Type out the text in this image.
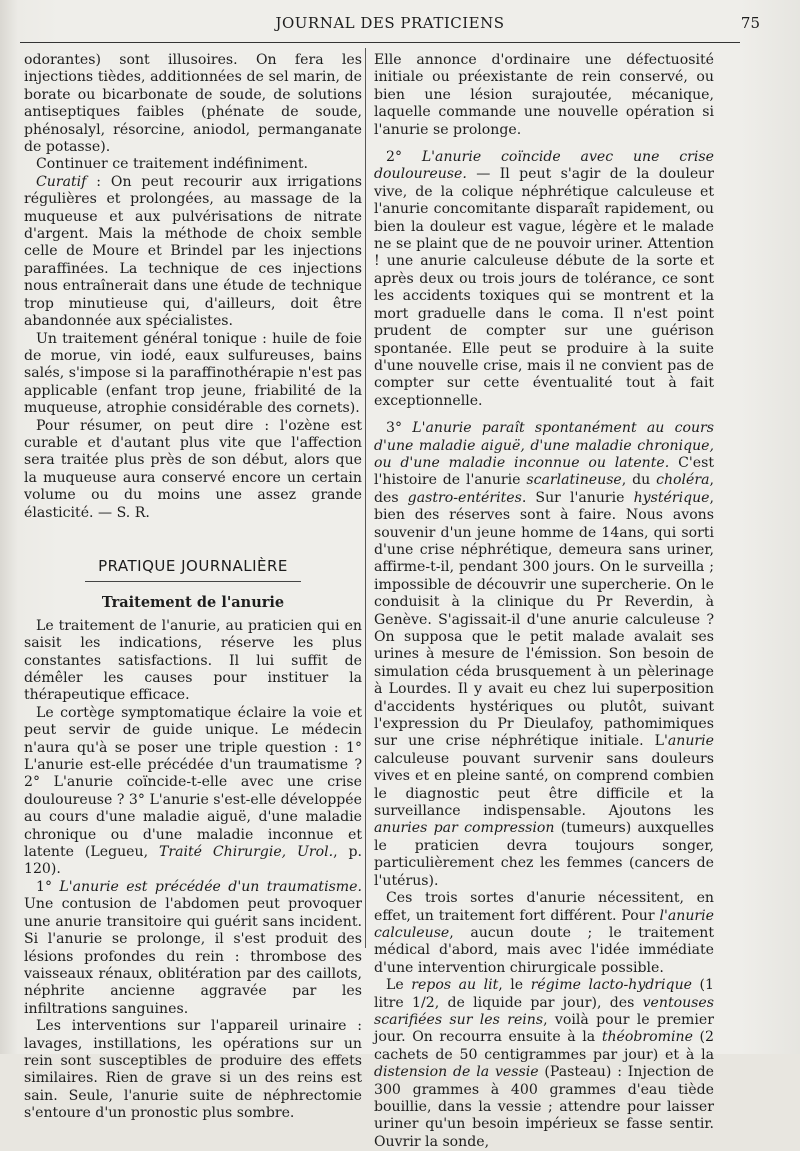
JOURNAL DES PRATICIENS	75

odorantes) sont illusoires. On fera les injections tièdes, additionnées de sel marin, de borate ou bicarbonate de soude, de solutions antiseptiques faibles (phénate de soude, phénosalyl, résorcine, aniodol, permanganate de potasse).

Continuer ce traitement indéfiniment.

Curatif : On peut recourir aux irrigations régulières et prolongées, au massage de la muqueuse et aux pulvérisations de nitrate d'argent. Mais la méthode de choix semble celle de Moure et Brindel par les injections paraffinées. La technique de ces injections nous entraînerait dans une étude de technique trop minutieuse qui, d'ailleurs, doit être abandonnée aux spécialistes.

Un traitement général tonique : huile de foie de morue, vin iodé, eaux sulfureuses, bains salés, s'impose si la paraffinothérapie n'est pas applicable (enfant trop jeune, friabilité de la muqueuse, atrophie considérable des cornets).

Pour résumer, on peut dire : l'ozène est curable et d'autant plus vite que l'affection sera traitée plus près de son début, alors que la muqueuse aura conservé encore un certain volume ou du moins une assez grande élasticité. — S. R.

PRATIQUE JOURNALIÈRE
Traitement de l'anurie

Le traitement de l'anurie, au praticien qui en saisit les indications, réserve les plus constantes satisfactions. Il lui suffit de démêler les causes pour instituer la thérapeutique efficace.

Le cortège symptomatique éclaire la voie et peut servir de guide unique. Le médecin n'aura qu'à se poser une triple question : 1° L'anurie est-elle précédée d'un traumatisme ? 2° L'anurie coïncide-t-elle avec une crise douloureuse ? 3° L'anurie s'est-elle développée au cours d'une maladie aiguë, d'une maladie chronique ou d'une maladie inconnue et latente (Legueu, Traité Chirurgie, Urol., p. 120).

1° L'anurie est précédée d'un traumatisme. Une contusion de l'abdomen peut provoquer une anurie transitoire qui guérit sans incident. Si l'anurie se prolonge, il s'est produit des lésions profondes du rein : thrombose des vaisseaux rénaux, oblitération par des caillots, néphrite ancienne aggravée par les infiltrations sanguines.

Les interventions sur l'appareil urinaire : lavages, instillations, les opérations sur un rein sont susceptibles de produire des effets similaires. Rien de grave si un des reins est sain. Seule, l'anurie suite de néphrectomie s'entoure d'un pronostic plus sombre.

Elle annonce d'ordinaire une défectuosité initiale ou préexistante de rein conservé, ou bien une lésion surajoutée, mécanique, laquelle commande une nouvelle opération si l'anurie se prolonge.

2° L'anurie coïncide avec une crise douloureuse. — Il peut s'agir de la douleur vive, de la colique néphrétique calculeuse et l'anurie concomitante disparaît rapidement, ou bien la douleur est vague, légère et le malade ne se plaint que de ne pouvoir uriner. Attention ! une anurie calculeuse débute de la sorte et après deux ou trois jours de tolérance, ce sont les accidents toxiques qui se montrent et la mort graduelle dans le coma. Il n'est point prudent de compter sur une guérison spontanée. Elle peut se produire à la suite d'une nouvelle crise, mais il ne convient pas de compter sur cette éventualité tout à fait exceptionnelle.

3° L'anurie paraît spontanément au cours d'une maladie aiguë, d'une maladie chronique, ou d'une maladie inconnue ou latente. C'est l'histoire de l'anurie scarlatineuse, du choléra, des gastro-entérites. Sur l'anurie hystérique, bien des réserves sont à faire. Nous avons souvenir d'un jeune homme de 14ans, qui sorti d'une crise néphrétique, demeura sans uriner, affirme-t-il, pendant 300 jours. On le surveilla ; impossible de découvrir une supercherie. On le conduisit à la clinique du Pr Reverdin, à Genève. S'agissait-il d'une anurie calculeuse ? On supposa que le petit malade avalait ses urines à mesure de l'émission. Son besoin de simulation céda brusquement à un pèlerinage à Lourdes. Il y avait eu chez lui superposition d'accidents hystériques ou plutôt, suivant l'expression du Pr Dieulafoy, pathomimiques sur une crise néphrétique initiale. L'anurie calculeuse pouvant survenir sans douleurs vives et en pleine santé, on comprend combien le diagnostic peut être difficile et la surveillance indispensable. Ajoutons les anuries par compression (tumeurs) auxquelles le praticien devra toujours songer, particulièrement chez les femmes (cancers de l'utérus).

Ces trois sortes d'anurie nécessitent, en effet, un traitement fort différent. Pour l'anurie calculeuse, aucun doute ; le traitement médical d'abord, mais avec l'idée immédiate d'une intervention chirurgicale possible.

Le repos au lit, le régime lacto-hydrique (1 litre 1/2, de liquide par jour), des ventouses scarifiées sur les reins, voilà pour le premier jour. On recourra ensuite à la théobromine (2 cachets de 50 centigrammes par jour) et à la distension de la vessie (Pasteau) : Injection de 300 grammes à 400 grammes d'eau tiède bouillie, dans la vessie ; attendre pour laisser uriner qu'un besoin impérieux se fasse sentir. Ouvrir la sonde,
